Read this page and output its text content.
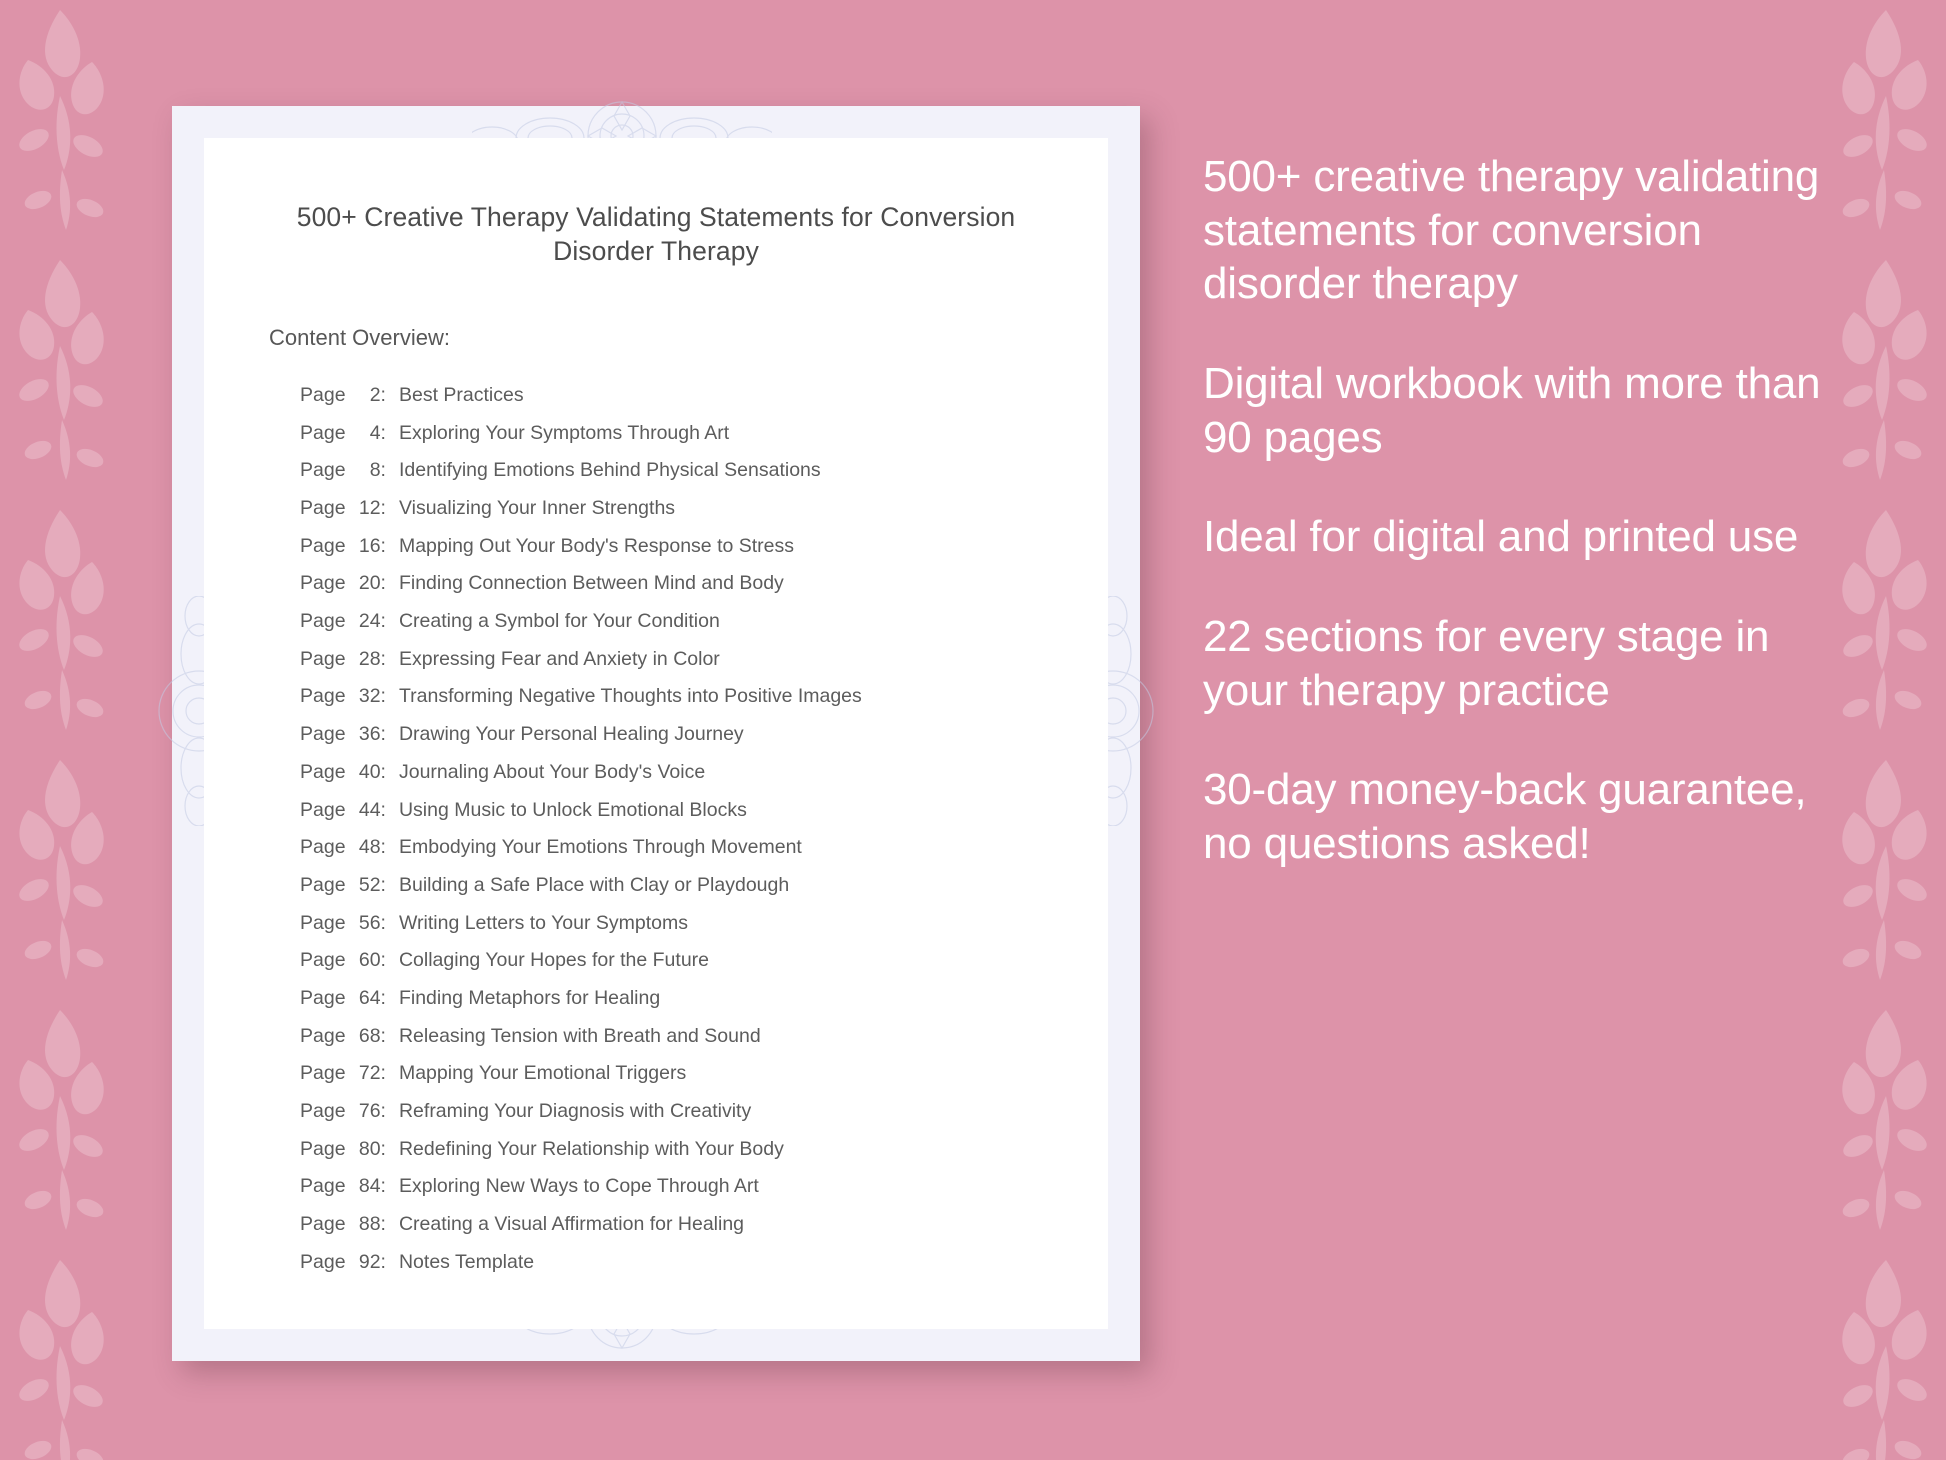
500+ Creative Therapy Validating Statements for Conversion Disorder Therapy
Content Overview:
Page	2 : Best Practices
Page	4 : Exploring Your Symptoms Through Art
Page	8 : Identifying Emotions Behind Physical Sensations
Page 12 : Visualizing Your Inner Strengths
Page 16 : Mapping Out Your Body's Response to Stress
Page 20 : Finding Connection Between Mind and Body
Page 24 : Creating a Symbol for Your Condition
Page 28 : Expressing Fear and Anxiety in Color
Page 32 : Transforming Negative Thoughts into Positive Images
Page 36 : Drawing Your Personal Healing Journey
Page 40 : Journaling About Your Body's Voice
Page 44 : Using Music to Unlock Emotional Blocks
Page 48 : Embodying Your Emotions Through Movement
Page 52 : Building a Safe Place with Clay or Playdough
Page 56 : Writing Letters to Your Symptoms
Page 60 : Collaging Your Hopes for the Future
Page 64 : Finding Metaphors for Healing
Page 68 : Releasing Tension with Breath and Sound
Page 72 : Mapping Your Emotional Triggers
Page 76 : Reframing Your Diagnosis with Creativity
Page 80 : Redefining Your Relationship with Your Body
Page 84 : Exploring New Ways to Cope Through Art
Page 88 : Creating a Visual Affirmation for Healing
Page 92 : Notes Template
500+ creative therapy validating statements for conversion disorder therapy
Digital workbook with more than 90 pages
Ideal for digital and printed use
22 sections for every stage in your therapy practice
30-day money-back guarantee, no questions asked!
